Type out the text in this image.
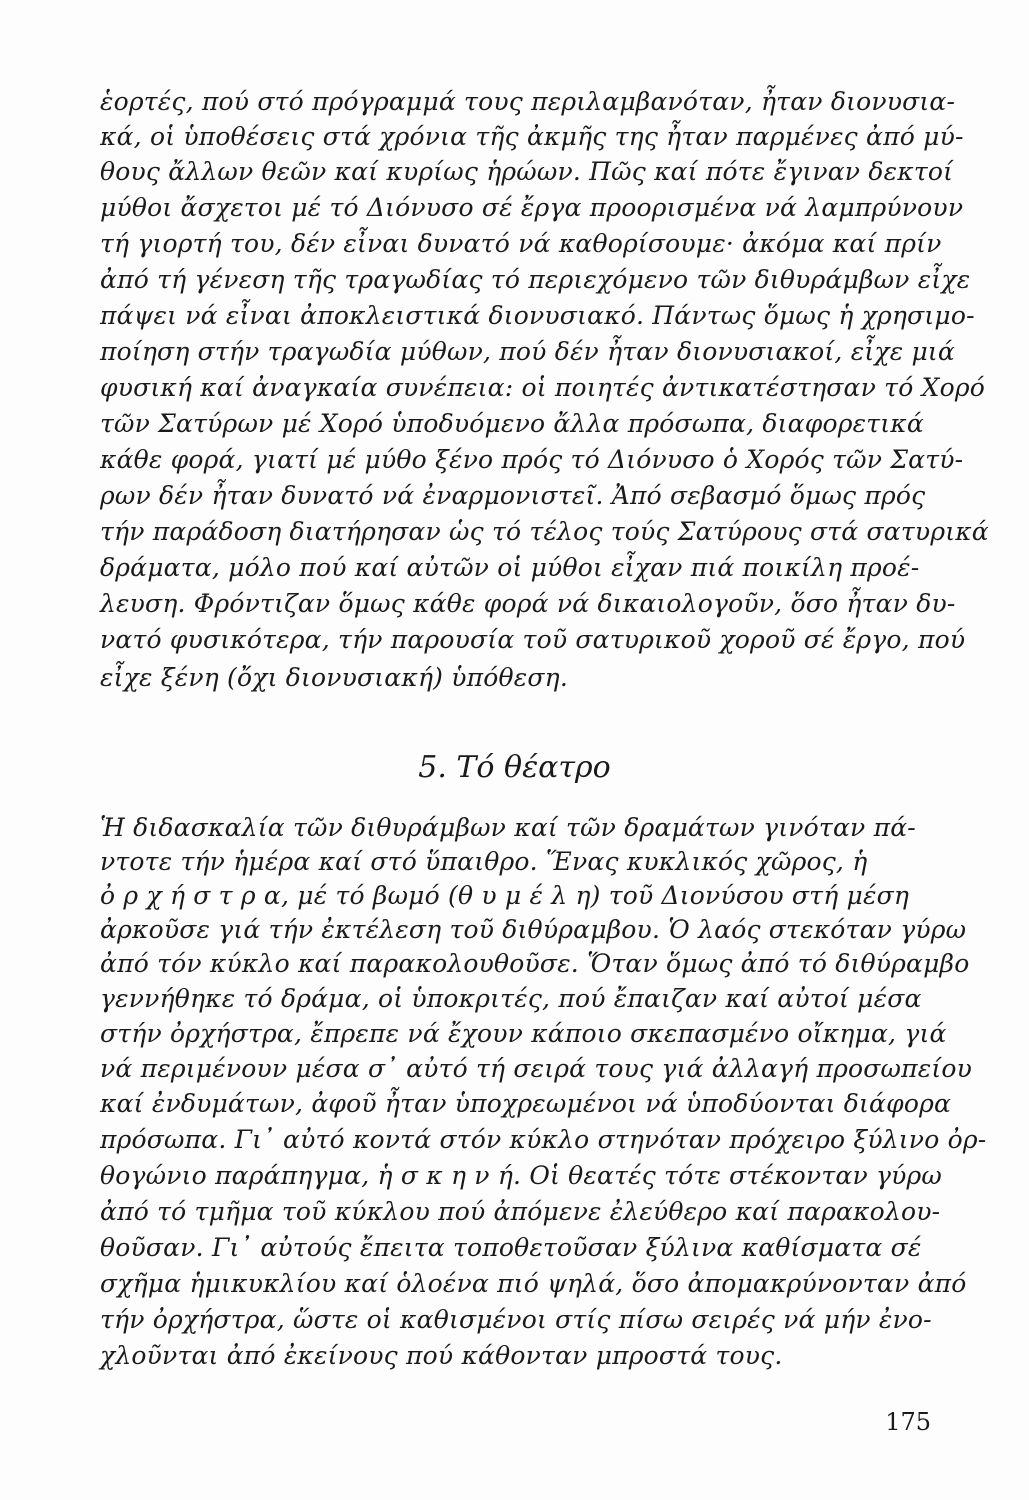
ἑορτές, πού στό πρόγραμμά τους περιλαμβανόταν, ἦταν διονυσια-
κά, οἱ ὑποθέσεις στά χρόνια τῆς ἀκμῆς της ἦταν παρμένες ἀπό μύ-
θους ἄλλων θεῶν καί κυρίως ἡρώων. Πῶς καί πότε ἔγιναν δεκτοί
μύθοι ἄσχετοι μέ τό Διόνυσο σέ ἔργα προορισμένα νά λαμπρύνουν
τή γιορτή του, δέν εἶναι δυνατό νά καθορίσουμε· ἀκόμα καί πρίν
ἀπό τή γένεση τῆς τραγωδίας τό περιεχόμενο τῶν διθυράμβων εἶχε
πάψει νά εἶναι ἀποκλειστικά διονυσιακό. Πάντως ὅμως ἡ χρησιμο-
ποίηση στήν τραγωδία μύθων, πού δέν ἦταν διονυσιακοί, εἶχε μιά
φυσική καί ἀναγκαία συνέπεια: οἱ ποιητές ἀντικατέστησαν τό Χορό
τῶν Σατύρων μέ Χορό ὑποδυόμενο ἄλλα πρόσωπα, διαφορετικά
κάθε φορά, γιατί μέ μύθο ξένο πρός τό Διόνυσο ὁ Χορός τῶν Σατύ-
ρων δέν ἦταν δυνατό νά ἐναρμονιστεῖ. Ἀπό σεβασμό ὅμως πρός
τήν παράδοση διατήρησαν ὡς τό τέλος τούς Σατύρους στά σατυρικά
δράματα, μόλο πού καί αὐτῶν οἱ μύθοι εἶχαν πιά ποικίλη προέ-
λευση. Φρόντιζαν ὅμως κάθε φορά νά δικαιολογοῦν, ὅσο ἦταν δυ-
νατό φυσικότερα, τήν παρουσία τοῦ σατυρικοῦ χοροῦ σέ ἔργο, πού
εἶχε ξένη (ὄχι διονυσιακή) ὑπόθεση.
5. Τό θέατρο
Ἡ διδασκαλία τῶν διθυράμβων καί τῶν δραμάτων γινόταν πά-
ντοτε τήν ἡμέρα καί στό ὕπαιθρο. Ἕνας κυκλικός χῶρος, ἡ
ὀ ρ χ ή σ τ ρ α, μέ τό βωμό (θ υ μ έ λ η) τοῦ Διονύσου στή μέση
ἀρκοῦσε γιά τήν ἐκτέλεση τοῦ διθύραμβου. Ὁ λαός στεκόταν γύρω
ἀπό τόν κύκλο καί παρακολουθοῦσε. Ὅταν ὅμως ἀπό τό διθύραμβο
γεννήθηκε τό δράμα, οἱ ὑποκριτές, πού ἔπαιζαν καί αὐτοί μέσα
στήν ὀρχήστρα, ἔπρεπε νά ἔχουν κάποιο σκεπασμένο οἴκημα, γιά
νά περιμένουν μέσα σ᾽ αὐτό τή σειρά τους γιά ἀλλαγή προσωπείου
καί ἐνδυμάτων, ἀφοῦ ἦταν ὑποχρεωμένοι νά ὑποδύονται διάφορα
πρόσωπα. Γι᾽ αὐτό κοντά στόν κύκλο στηνόταν πρόχειρο ξύλινο ὀρ-
θογώνιο παράπηγμα, ἡ σ κ η ν ή. Οἱ θεατές τότε στέκονταν γύρω
ἀπό τό τμῆμα τοῦ κύκλου πού ἀπόμενε ἐλεύθερο καί παρακολου-
θοῦσαν. Γι᾽ αὐτούς ἔπειτα τοποθετοῦσαν ξύλινα καθίσματα σέ
σχῆμα ἡμικυκλίου καί ὁλοένα πιό ψηλά, ὅσο ἀπομακρύνονταν ἀπό
τήν ὀρχήστρα, ὥστε οἱ καθισμένοι στίς πίσω σειρές νά μήν ἐνο-
χλοῦνται ἀπό ἐκείνους πού κάθονταν μπροστά τους.
175
